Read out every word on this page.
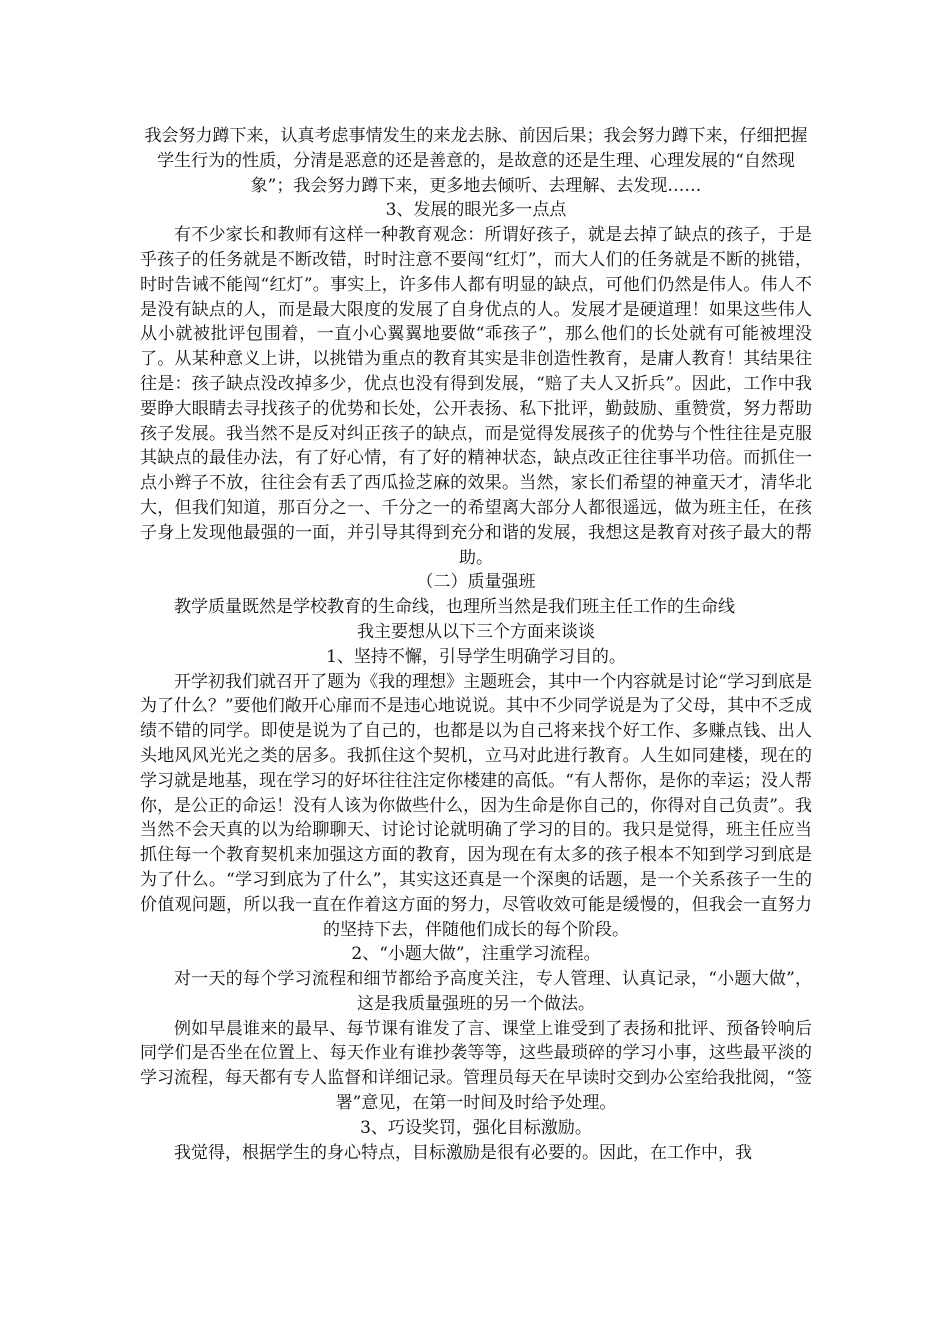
我会努力蹲下来，认真考虑事情发生的来龙去脉、前因后果；我会努力蹲下来，仔细把握学生行为的性质，分清是恶意的还是善意的，是故意的还是生理、心理发展的“自然现象”；我会努力蹲下来，更多地去倾听、去理解、去发现……

3、发展的眼光多一点点

有不少家长和教师有这样一种教育观念：所谓好孩子，就是去掉了缺点的孩子，于是乎孩子的任务就是不断改错，时时注意不要闯“红灯”，而大人们的任务就是不断的挑错，时时告诫不能闯“红灯”。事实上，许多伟人都有明显的缺点，可他们仍然是伟人。伟人不是没有缺点的人，而是最大限度的发展了自身优点的人。发展才是硬道理！如果这些伟人从小就被批评包围着，一直小心翼翼地要做“乖孩子”，那么他们的长处就有可能被埋没了。从某种意义上讲，以挑错为重点的教育其实是非创造性教育，是庸人教育！其结果往往是：孩子缺点没改掉多少，优点也没有得到发展，“赔了夫人又折兵”。因此，工作中我要睁大眼睛去寻找孩子的优势和长处，公开表扬、私下批评，勤鼓励、重赞赏，努力帮助孩子发展。我当然不是反对纠正孩子的缺点，而是觉得发展孩子的优势与个性往往是克服其缺点的最佳办法，有了好心情，有了好的精神状态，缺点改正往往事半功倍。而抓住一点小辫子不放，往往会有丢了西瓜捡芝麻的效果。当然，家长们希望的神童天才，清华北大，但我们知道，那百分之一、千分之一的希望离大部分人都很遥远，做为班主任，在孩子身上发现他最强的一面，并引导其得到充分和谐的发展，我想这是教育对孩子最大的帮助。

（二）质量强班

教学质量既然是学校教育的生命线，也理所当然是我们班主任工作的生命线

我主要想从以下三个方面来谈谈

1、坚持不懈，引导学生明确学习目的。

开学初我们就召开了题为《我的理想》主题班会，其中一个内容就是讨论“学习到底是为了什么？”要他们敞开心扉而不是违心地说说。其中不少同学说是为了父母，其中不乏成绩不错的同学。即使是说为了自己的，也都是以为自己将来找个好工作、多赚点钱、出人头地风风光光之类的居多。我抓住这个契机，立马对此进行教育。人生如同建楼，现在的学习就是地基，现在学习的好坏往往注定你楼建的高低。“有人帮你，是你的幸运；没人帮你，是公正的命运！没有人该为你做些什么，因为生命是你自己的，你得对自己负责”。我当然不会天真的以为给聊聊天、讨论讨论就明确了学习的目的。我只是觉得，班主任应当抓住每一个教育契机来加强这方面的教育，因为现在有太多的孩子根本不知到学习到底是为了什么。“学习到底为了什么”，其实这还真是一个深奥的话题，是一个关系孩子一生的价值观问题，所以我一直在作着这方面的努力，尽管收效可能是缓慢的，但我会一直努力的坚持下去，伴随他们成长的每个阶段。

2、“小题大做”，注重学习流程。

对一天的每个学习流程和细节都给予高度关注，专人管理、认真记录，“小题大做”，这是我质量强班的另一个做法。

例如早晨谁来的最早、每节课有谁发了言、课堂上谁受到了表扬和批评、预备铃响后同学们是否坐在位置上、每天作业有谁抄袭等等，这些最琐碎的学习小事，这些最平淡的学习流程，每天都有专人监督和详细记录。管理员每天在早读时交到办公室给我批阅，“签署”意见，在第一时间及时给予处理。

3、巧设奖罚，强化目标激励。

我觉得，根据学生的身心特点，目标激励是很有必要的。因此，在工作中，我
